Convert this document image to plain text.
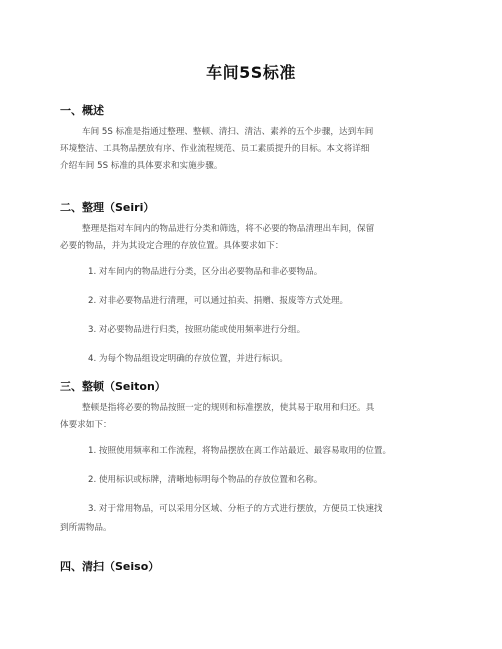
车间5S标准
一、概述
车间 5S 标准是指通过整理、整顿、清扫、清洁、素养的五个步骤，达到车间
环境整洁、工具物品摆放有序、作业流程规范、员工素质提升的目标。本文将详细
介绍车间 5S 标准的具体要求和实施步骤。
二、整理（Seiri）
整理是指对车间内的物品进行分类和筛选，将不必要的物品清理出车间，保留
必要的物品，并为其设定合理的存放位置。具体要求如下：
1. 对车间内的物品进行分类，区分出必要物品和非必要物品。
2. 对非必要物品进行清理，可以通过拍卖、捐赠、报废等方式处理。
3. 对必要物品进行归类，按照功能或使用频率进行分组。
4. 为每个物品组设定明确的存放位置，并进行标识。
三、整顿（Seiton）
整顿是指将必要的物品按照一定的规则和标准摆放，使其易于取用和归还。具
体要求如下：
1. 按照使用频率和工作流程，将物品摆放在离工作站最近、最容易取用的位置。
2. 使用标识或标牌，清晰地标明每个物品的存放位置和名称。
3. 对于常用物品，可以采用分区域、分柜子的方式进行摆放，方便员工快速找
到所需物品。
四、清扫（Seiso）
